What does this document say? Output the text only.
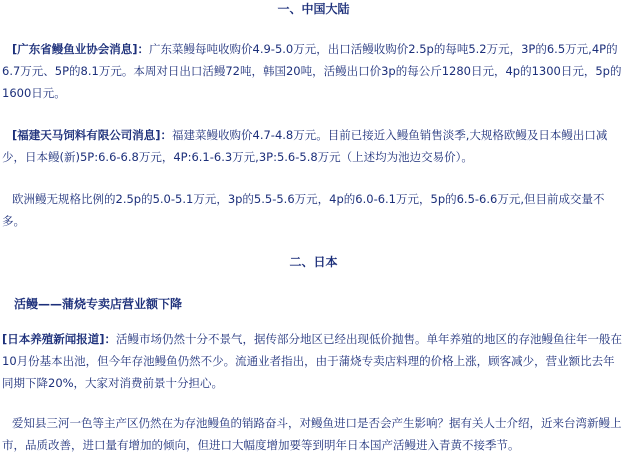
一、中国大陆

[广东省鳗鱼业协会消息]：广东菜鳗每吨收购价4.9-5.0万元，出口活鳗收购价2.5p的每吨5.2万元，3P的6.5万元,4P的6.7万元、5P的8.1万元。本周对日出口活鳗72吨，韩国20吨，活鳗出口价3p的每公斤1280日元，4p的1300日元，5p的1600日元。

[福建天马饲料有限公司消息]：福建菜鳗收购价4.7-4.8万元。目前已接近入鳗鱼销售淡季,大规格欧鳗及日本鳗出口减少，日本鳗(新)5P:6.6-6.8万元，4P:6.1-6.3万元,3P:5.6-5.8万元（上述均为池边交易价）。

欧洲鳗无规格比例的2.5p的5.0-5.1万元，3p的5.5-5.6万元，4p的6.0-6.1万元，5p的6.5-6.6万元,但目前成交量不多。

二、日本
活鳗——蒲烧专卖店营业额下降

[日本养殖新闻报道]：活鳗市场仍然十分不景气，据传部分地区已经出现低价抛售。单年养殖的地区的存池鳗鱼往年一般在10月份基本出池，但今年存池鳗鱼仍然不少。流通业者指出，由于蒲烧专卖店料理的价格上涨，顾客减少，营业额比去年同期下降20%，大家对消费前景十分担心。

爱知县三河一色等主产区仍然在为存池鳗鱼的销路奋斗，对鳗鱼进口是否会产生影响？据有关人士介绍，近来台湾新鳗上市，品质改善，进口量有增加的倾向，但进口大幅度增加要等到明年日本国产活鳗进入青黄不接季节。
